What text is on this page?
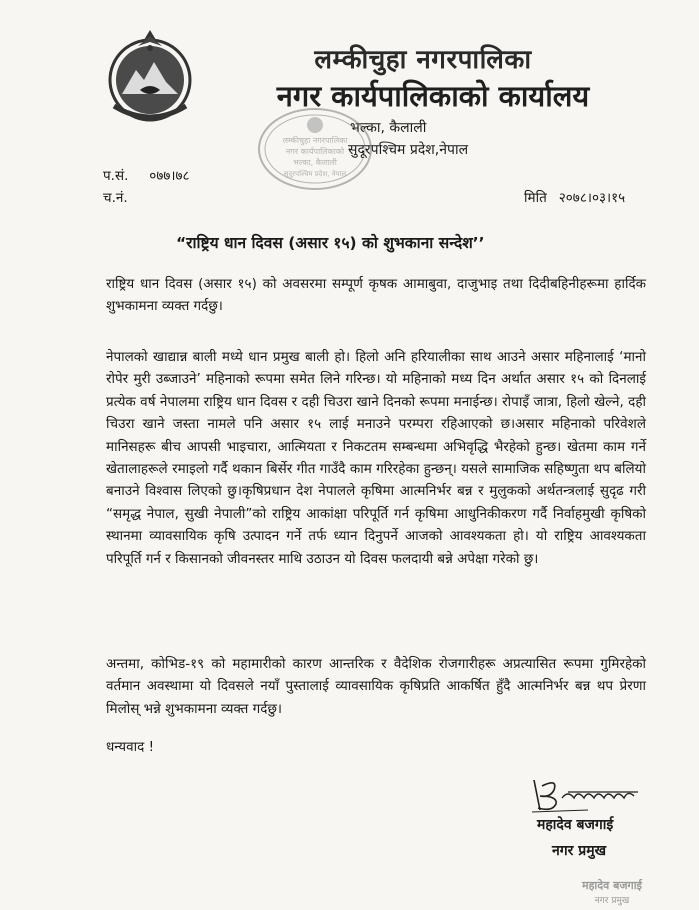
लम्कीचुहा नगरपालिका
नगर कार्यपालिकाको कार्यालय
भल्का, कैलाली
सुदूरपश्चिम प्रदेश,नेपाल
लम्कीचुहा नगरपालिका
नगर कार्यपालिकाको
भल्का, कैलाली
सुदूरपश्चिम प्रदेश, नेपाल
प.सं. ०७७।७८
च.नं.	मिति २०७८।०३।१५
“राष्ट्रिय धान दिवस (असार १५) को शुभकाना सन्देश’’

राष्ट्रिय धान दिवस (असार १५) को अवसरमा सम्पूर्ण कृषक आमाबुवा, दाजुभाइ तथा दिदीबहिनीहरूमा हार्दिक शुभकामना व्यक्त गर्दछु।

नेपालको खाद्यान्न बाली मध्ये धान प्रमुख बाली हो। हिलो अनि हरियालीका साथ आउने असार महिनालाई ‘मानो रोपेर मुरी उब्जाउने’ महिनाको रूपमा समेत लिने गरिन्छ। यो महिनाको मध्य दिन अर्थात असार १५ को दिनलाई प्रत्येक वर्ष नेपालमा राष्ट्रिय धान दिवस र दही चिउरा खाने दिनको रूपमा मनाईन्छ। रोपाइँ जात्रा, हिलो खेल्ने, दही चिउरा खाने जस्ता नामले पनि असार १५ लाई मनाउने परम्परा रहिआएको छ।असार महिनाको परिवेशले मानिसहरू बीच आपसी भाइचारा, आत्मियता र निकटतम सम्बन्धमा अभिवृद्धि भैरहेको हुन्छ। खेतमा काम गर्ने खेतालाहरूले रमाइलो गर्दै थकान बिर्सेर गीत गाउँदै काम गरिरहेका हुन्छन्। यसले सामाजिक सहिष्णुता थप बलियो बनाउने विश्वास लिएको छु।कृषिप्रधान देश नेपालले कृषिमा आत्मनिर्भर बन्न र मुलुकको अर्थतन्त्रलाई सुदृढ गरी “समृद्ध नेपाल, सुखी नेपाली”को राष्ट्रिय आकांक्षा परिपूर्ति गर्न कृषिमा आधुनिकीकरण गर्दै निर्वाहमुखी कृषिको स्थानमा व्यावसायिक कृषि उत्पादन गर्ने तर्फ ध्यान दिनुपर्ने आजको आवश्यकता हो। यो राष्ट्रिय आवश्यकता परिपूर्ति गर्न र किसानको जीवनस्तर माथि उठाउन यो दिवस फलदायी बन्ने अपेक्षा गरेको छु।

अन्तमा, कोभिड-१९ को महामारीको कारण आन्तरिक र वैदेशिक रोजगारीहरू अप्रत्यासित रूपमा गुमिरहेको वर्तमान अवस्थामा यो दिवसले नयाँ पुस्तालाई व्यावसायिक कृषिप्रति आकर्षित हुँदै आत्मनिर्भर बन्न थप प्रेरणा मिलोस् भन्ने शुभकामना व्यक्त गर्दछु।

धन्यवाद !
महादेव बजगाई
नगर प्रमुख
महादेव बजगाई
नगर प्रमुख
